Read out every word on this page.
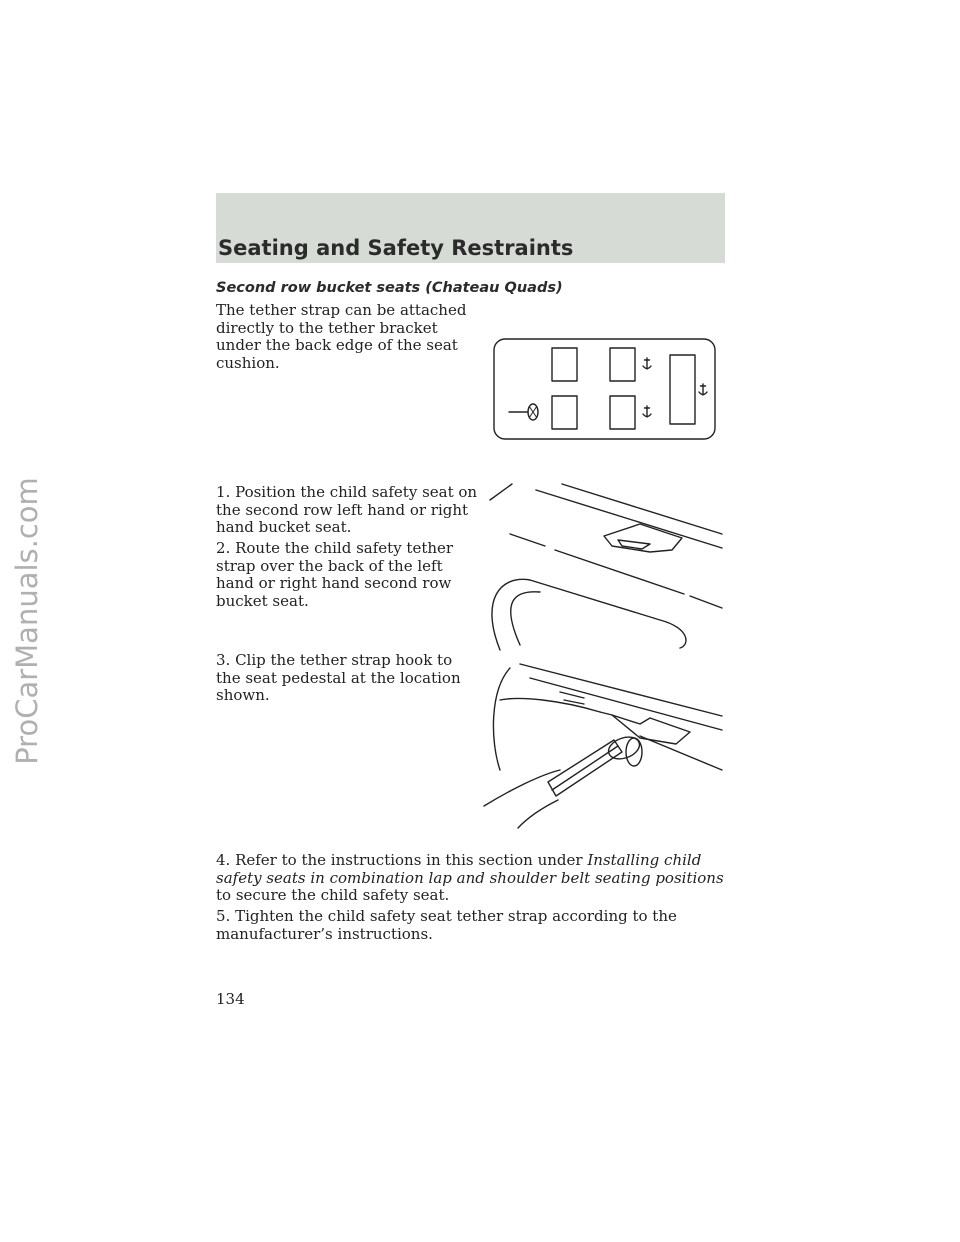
Seating and Safety Restraints
Second row bucket seats (Chateau Quads)

The tether strap can be attached directly to the tether bracket under the back edge of the seat cushion.

1. Position the child safety seat on the second row left hand or right hand bucket seat.

2. Route the child safety tether strap over the back of the left hand or right hand second row bucket seat.

3. Clip the tether strap hook to the seat pedestal at the location shown.

4. Refer to the instructions in this section under Installing child safety seats in combination lap and shoulder belt seating positions to secure the child safety seat.

5. Tighten the child safety seat tether strap according to the manufacturer’s instructions.

134
ProCarManuals.com
